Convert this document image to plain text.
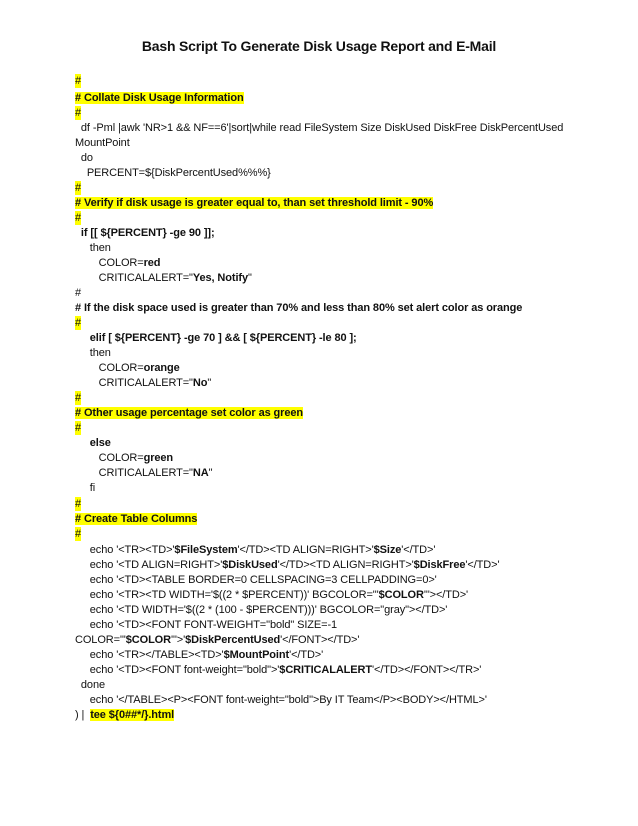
Bash Script To Generate Disk Usage Report and E-Mail
#
# Collate Disk Usage Information
#
df -Pml |awk 'NR>1 && NF==6'|sort|while read FileSystem Size DiskUsed DiskFree DiskPercentUsed
MountPoint
do
PERCENT=${DiskPercentUsed%%%}
#
# Verify if disk usage is greater equal to, than set threshold limit - 90%
#
if [[ ${PERCENT} -ge 90 ]];
then
COLOR=red
CRITICALALERT="Yes, Notify"
#
# If the disk space used is greater than 70% and less than 80% set alert color as orange
#
elif [ ${PERCENT} -ge 70 ] && [ ${PERCENT} -le 80 ];
then
COLOR=orange
CRITICALALERT="No"
#
# Other usage percentage set color as green
#
else
COLOR=green
CRITICALALERT="NA"
fi
#
# Create Table Columns
#
echo '<TR><TD>'$FileSystem'</TD><TD ALIGN=RIGHT>'$Size'</TD>'
echo '<TD ALIGN=RIGHT>'$DiskUsed'</TD><TD ALIGN=RIGHT>'$DiskFree'</TD>'
echo '<TD><TABLE BORDER=0 CELLSPACING=3 CELLPADDING=0>'
echo '<TR><TD WIDTH='$((2 * $PERCENT))' BGCOLOR="'$COLOR'"></TD>'
echo '<TD WIDTH='$((2 * (100 - $PERCENT)))' BGCOLOR="gray"></TD>'
echo '<TD><FONT FONT-WEIGHT="bold" SIZE=-1
COLOR="'$COLOR'">'$DiskPercentUsed'</FONT></TD>'
echo '<TR></TABLE><TD>'$MountPoint'</TD>'
echo '<TD><FONT font-weight="bold">'$CRITICALALERT'</TD></FONT></TR>'
done
echo '</TABLE><P><FONT font-weight="bold">By IT Team</P><BODY></HTML>'
) |  tee ${0##*/}.html
